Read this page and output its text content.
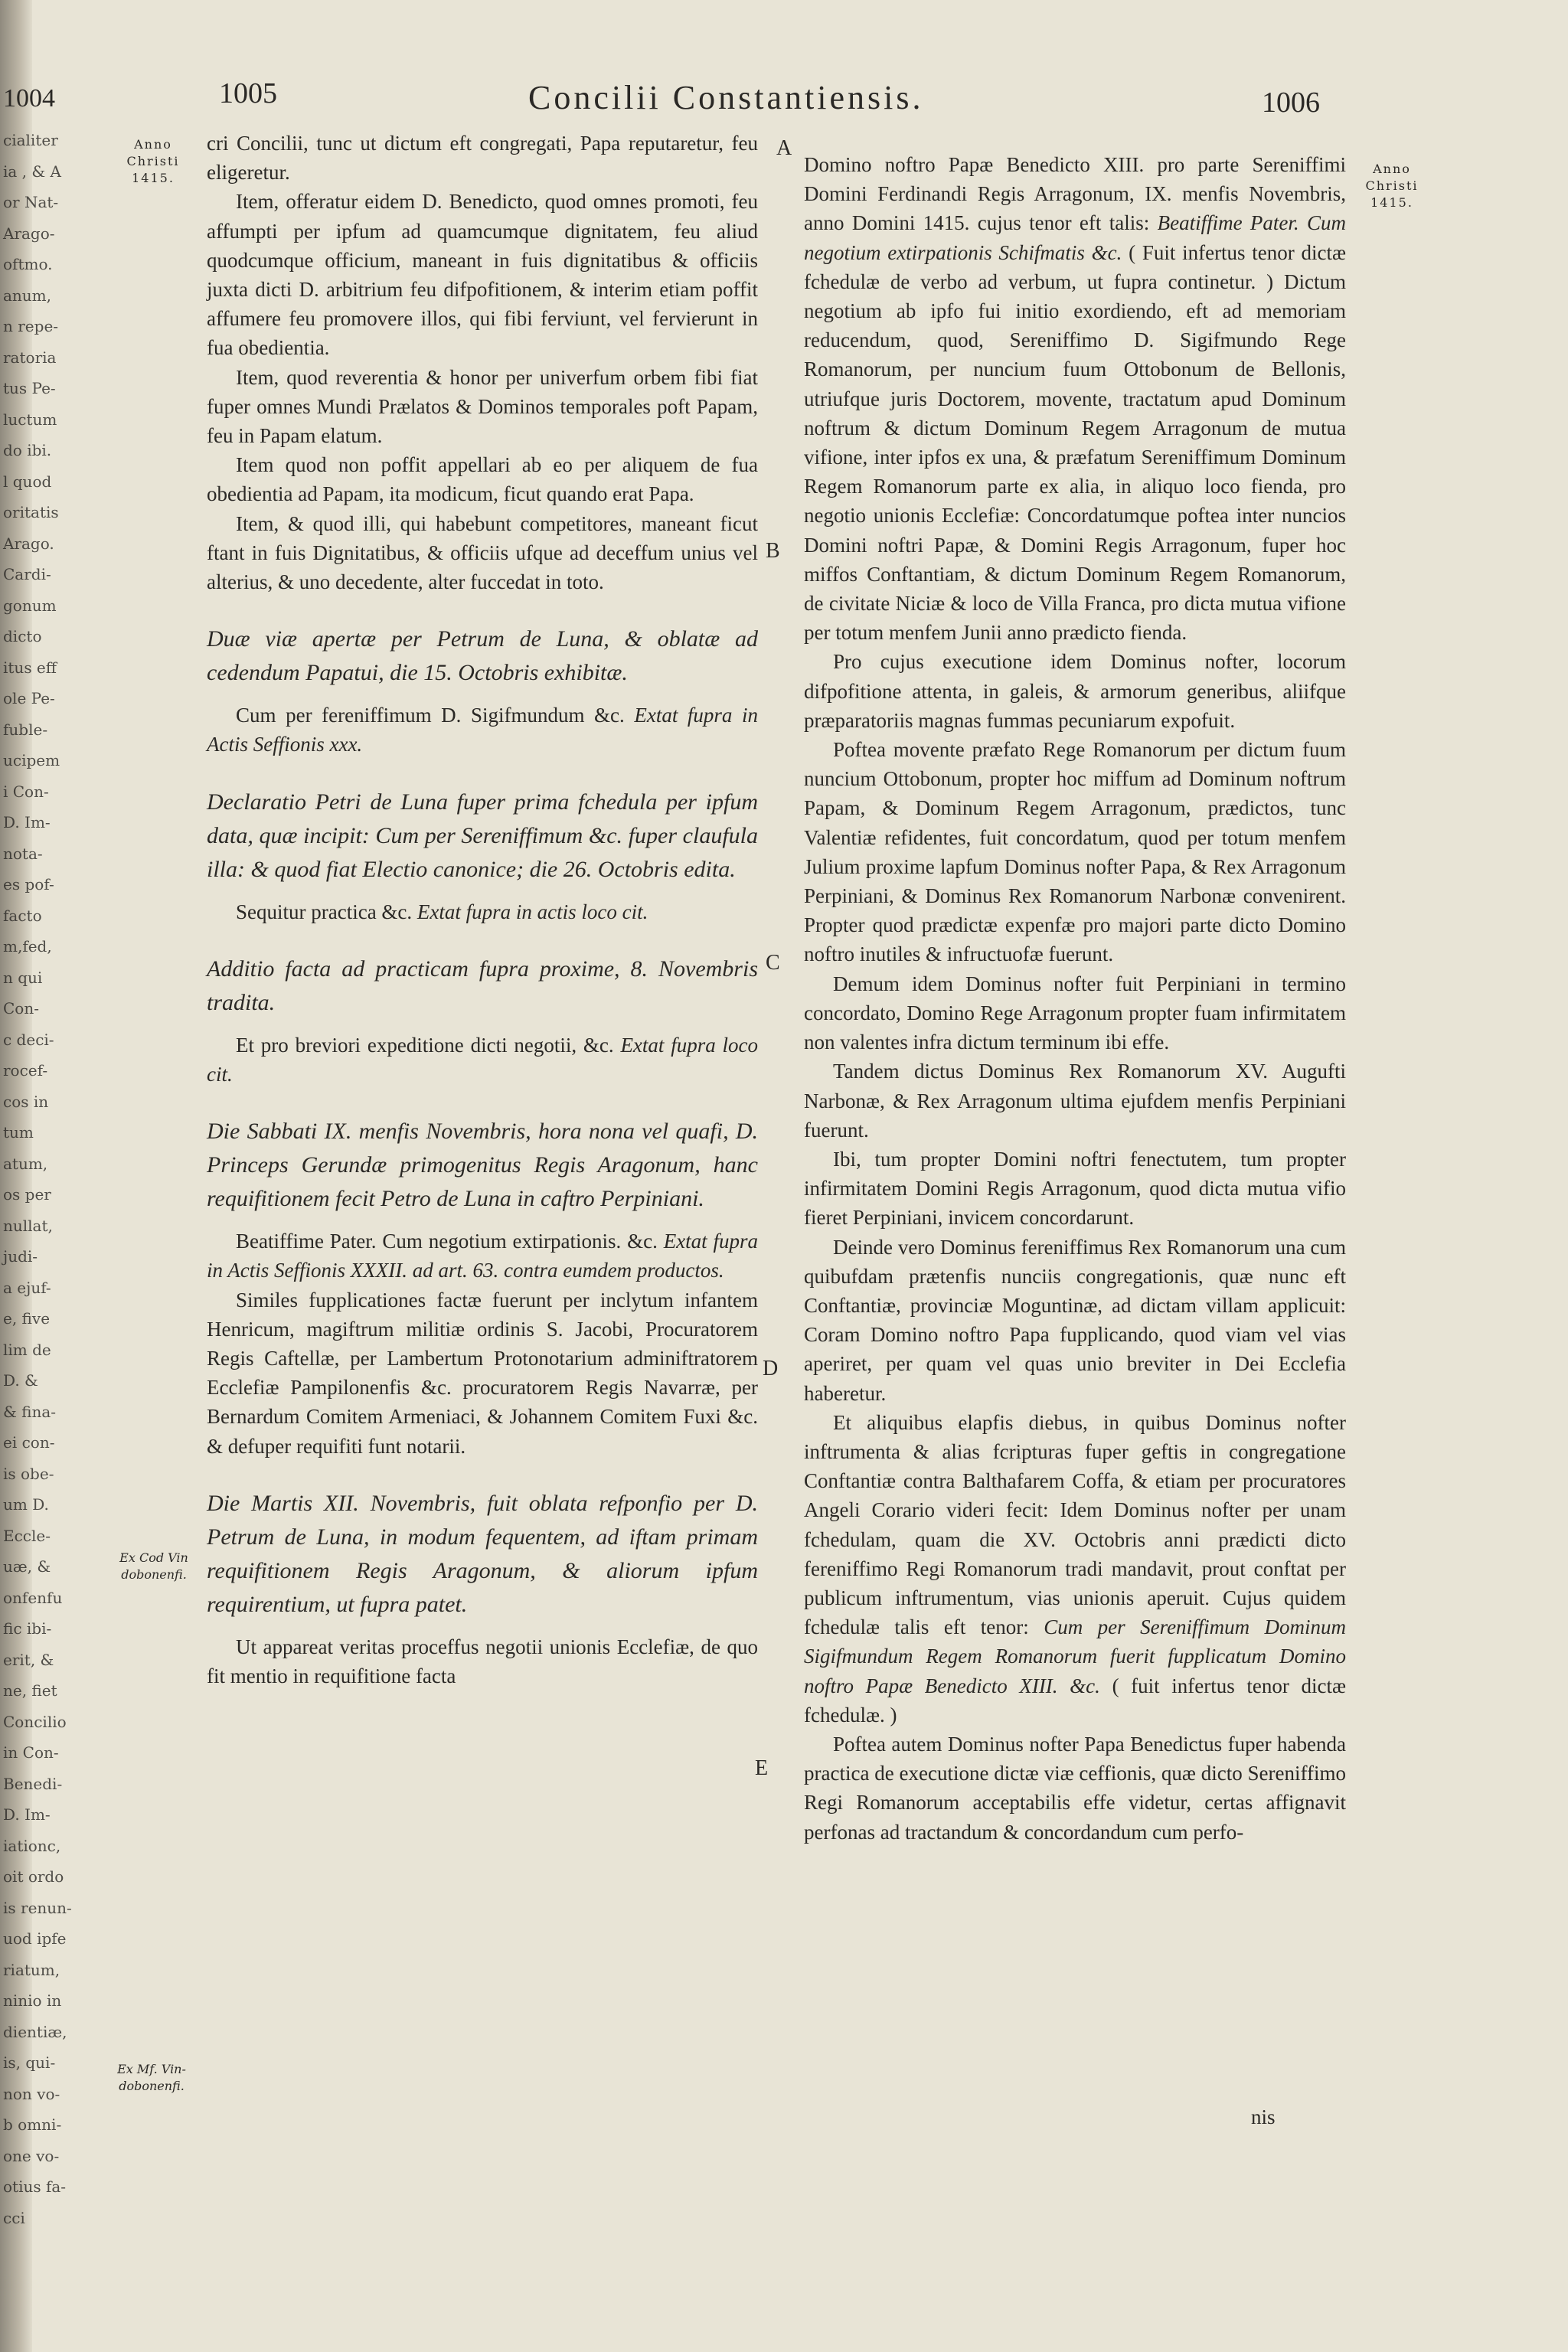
1004
cialiter
ia , & A
or Nat-
Arago-
oftmo.
anum,
n repe-
ratoria
tus Pe-
luctum
do ibi.
l quod
oritatis
Arago.
Cardi-
gonum
dicto
itus eff
ole Pe-
fuble-
ucipem
i Con-
D. Im-
nota-
es pof-
facto
m,fed,
n qui
Con-
c deci-
rocef-
cos in
tum
atum,
os per
nullat,
judi-
a ejuf-
e, five
lim de
D. &
& fina-
ei con-
is obe-
um D.
Eccle-
uæ, &
onfenfu
fic ibi-
erit, &
ne, fiet
Concilio
in Con-
Benedi-
D. Im-
iationc,
oit ordo
is renun-
uod ipfe
riatum,
ninio in
dientiæ,
is, qui-
non vo-
b omni-
one vo-
otius fa-
cci
1005	Concilii Constantiensis.	1006
Anno
Christi
1415.
Anno
Christi
1415.
Ex Cod Vin
dobonenfi.
Ex Mf. Vin-
dobonenfi.
A
B
C
D
E

cri Concilii, tunc ut dictum eft congregati, Papa reputaretur, feu eligeretur.

Item, offeratur eidem D. Benedicto, quod omnes promoti, feu affumpti per ipfum ad quamcumque dignitatem, feu aliud quodcumque officium, maneant in fuis dignitatibus & officiis juxta dicti D. arbitrium feu difpofitionem, & interim etiam poffit affumere feu promovere illos, qui fibi ferviunt, vel fervierunt in fua obedientia.

Item, quod reverentia & honor per univerfum orbem fibi fiat fuper omnes Mundi Prælatos & Dominos temporales poft Papam, feu in Papam elatum.

Item quod non poffit appellari ab eo per aliquem de fua obedientia ad Papam, ita modicum, ficut quando erat Papa.

Item, & quod illi, qui habebunt competitores, maneant ficut ftant in fuis Dignitatibus, & officiis ufque ad deceffum unius vel alterius, & uno decedente, alter fuccedat in toto.

Duæ viæ apertæ per Petrum de Luna, & oblatæ ad cedendum Papatui, die 15. Octobris exhibitæ.

Cum per fereniffimum D. Sigifmundum &c. Extat fupra in Actis Seffionis xxx.

Declaratio Petri de Luna fuper prima fchedula per ipfum data, quæ incipit: Cum per Sereniffimum &c. fuper claufula illa: & quod fiat Electio canonice; die 26. Octobris edita.

Sequitur practica &c. Extat fupra in actis loco cit.

Additio facta ad practicam fupra proxime, 8. Novembris tradita.

Et pro breviori expeditione dicti negotii, &c. Extat fupra loco cit.

Die Sabbati IX. menfis Novembris, hora nona vel quafi, D. Princeps Gerundæ primogenitus Regis Aragonum, hanc requifitionem fecit Petro de Luna in caftro Perpiniani.

Beatiffime Pater. Cum negotium extirpationis. &c. Extat fupra in Actis Seffionis XXXII. ad art. 63. contra eumdem productos.

Similes fupplicationes factæ fuerunt per inclytum infantem Henricum, magiftrum militiæ ordinis S. Jacobi, Procuratorem Regis Caftellæ, per Lambertum Protonotarium adminiftratorem Ecclefiæ Pampilonenfis &c. procuratorem Regis Navarræ, per Bernardum Comitem Armeniaci, & Johannem Comitem Fuxi &c. & defuper requifiti funt notarii.

Die Martis XII. Novembris, fuit oblata refponfio per D. Petrum de Luna, in modum fequentem, ad iftam primam requifitionem Regis Aragonum, & aliorum ipfum requirentium, ut fupra patet.

Ut appareat veritas proceffus negotii unionis Ecclefiæ, de quo fit mentio in requifitione facta

Domino noftro Papæ Benedicto XIII. pro parte Sereniffimi Domini Ferdinandi Regis Arragonum, IX. menfis Novembris, anno Domini 1415. cujus tenor eft talis: Beatiffime Pater. Cum negotium extirpationis Schifmatis &c. ( Fuit infertus tenor dictæ fchedulæ de verbo ad verbum, ut fupra continetur. ) Dictum negotium ab ipfo fui initio exordiendo, eft ad memoriam reducendum, quod, Sereniffimo D. Sigifmundo Rege Romanorum, per nuncium fuum Ottobonum de Bellonis, utriufque juris Doctorem, movente, tractatum apud Dominum noftrum & dictum Dominum Regem Arragonum de mutua vifione, inter ipfos ex una, & præfatum Sereniffimum Dominum Regem Romanorum parte ex alia, in aliquo loco fienda, pro negotio unionis Ecclefiæ: Concordatumque poftea inter nuncios Domini noftri Papæ, & Domini Regis Arragonum, fuper hoc miffos Conftantiam, & dictum Dominum Regem Romanorum, de civitate Niciæ & loco de Villa Franca, pro dicta mutua vifione per totum menfem Junii anno prædicto fienda.

Pro cujus executione idem Dominus nofter, locorum difpofitione attenta, in galeis, & armorum generibus, aliifque præparatoriis magnas fummas pecuniarum expofuit.

Poftea movente præfato Rege Romanorum per dictum fuum nuncium Ottobonum, propter hoc miffum ad Dominum noftrum Papam, & Dominum Regem Arragonum, prædictos, tunc Valentiæ refidentes, fuit concordatum, quod per totum menfem Julium proxime lapfum Dominus nofter Papa, & Rex Arragonum Perpiniani, & Dominus Rex Romanorum Narbonæ convenirent. Propter quod prædictæ expenfæ pro majori parte dicto Domino noftro inutiles & infructuofæ fuerunt.

Demum idem Dominus nofter fuit Perpiniani in termino concordato, Domino Rege Arragonum propter fuam infirmitatem non valentes infra dictum terminum ibi effe.

Tandem dictus Dominus Rex Romanorum XV. Augufti Narbonæ, & Rex Arragonum ultima ejufdem menfis Perpiniani fuerunt.

Ibi, tum propter Domini noftri fenectutem, tum propter infirmitatem Domini Regis Arragonum, quod dicta mutua vifio fieret Perpiniani, invicem concordarunt.

Deinde vero Dominus fereniffimus Rex Romanorum una cum quibufdam prætenfis nunciis congregationis, quæ nunc eft Conftantiæ, provinciæ Moguntinæ, ad dictam villam applicuit: Coram Domino noftro Papa fupplicando, quod viam vel vias aperiret, per quam vel quas unio breviter in Dei Ecclefia haberetur.

Et aliquibus elapfis diebus, in quibus Dominus nofter inftrumenta & alias fcripturas fuper geftis in congregatione Conftantiæ contra Balthafarem Coffa, & etiam per procuratores Angeli Corario videri fecit: Idem Dominus nofter per unam fchedulam, quam die XV. Octobris anni prædicti dicto fereniffimo Regi Romanorum tradi mandavit, prout conftat per publicum inftrumentum, vias unionis aperuit. Cujus quidem fchedulæ talis eft tenor: Cum per Sereniffimum Dominum Sigifmundum Regem Romanorum fuerit fupplicatum Domino noftro Papæ Benedicto XIII. &c. ( fuit infertus tenor dictæ fchedulæ. )

Poftea autem Dominus nofter Papa Benedictus fuper habenda practica de executione dictæ viæ ceffionis, quæ dicto Sereniffimo Regi Romanorum acceptabilis effe videtur, certas affignavit perfonas ad tractandum & concordandum cum perfo-

nis
